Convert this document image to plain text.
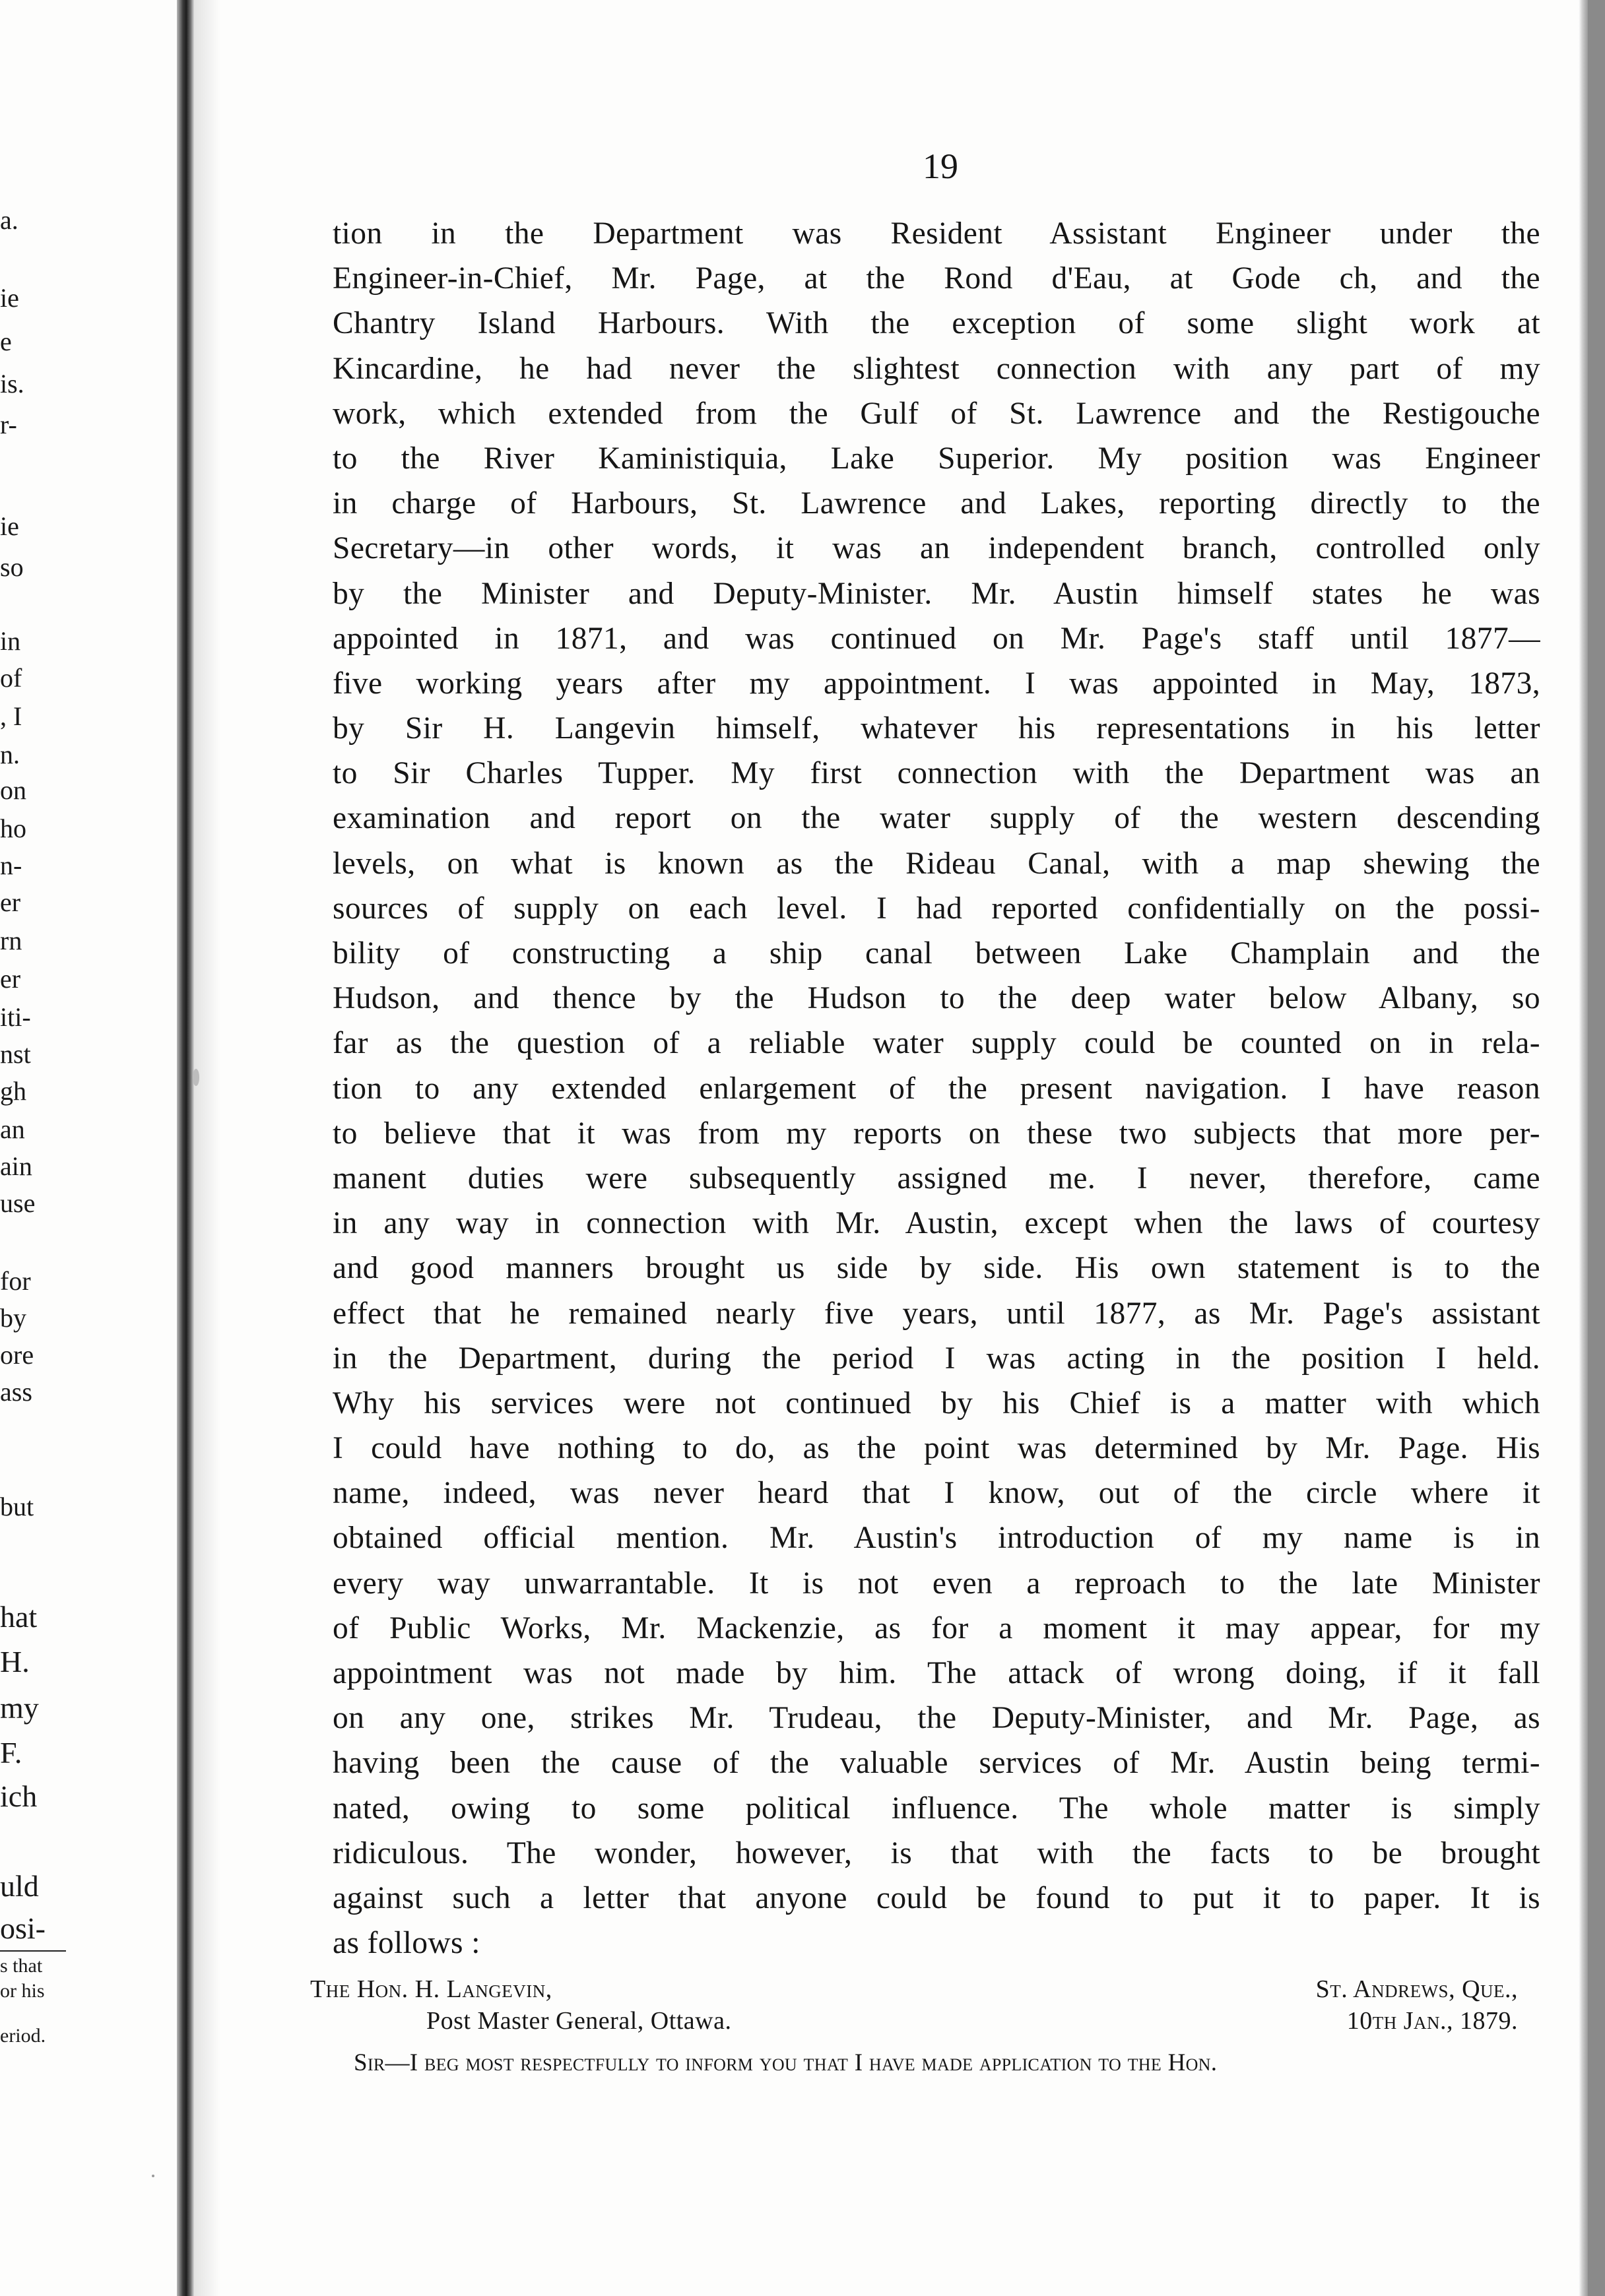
a.
ie
e
is.
r-
ie
so
in
of
, I
n.
on
ho
n-
er
rn
er
iti-
nst
gh
an
ain
use
for
by
ore
ass
but
hat
H.
my
F.
ich
uld
osi-
s that
or his
eriod.
19
tion in the Department was Resident Assistant Engineer under the
Engineer-in-Chief, Mr. Page, at the Rond d'Eau, at Gode ch, and the
Chantry Island Harbours. With the exception of some slight work at
Kincardine, he had never the slightest connection with any part of my
work, which extended from the Gulf of St. Lawrence and the Restigouche
to the River Kaministiquia, Lake Superior. My position was Engineer
in charge of Harbours, St. Lawrence and Lakes, reporting directly to the
Secretary—in other words, it was an independent branch, controlled only
by the Minister and Deputy-Minister. Mr. Austin himself states he was
appointed in 1871, and was continued on Mr. Page's staff until 1877—
five working years after my appointment. I was appointed in May, 1873,
by Sir H. Langevin himself, whatever his representations in his letter
to Sir Charles Tupper. My first connection with the Department was an
examination and report on the water supply of the western descending
levels, on what is known as the Rideau Canal, with a map shewing the
sources of supply on each level. I had reported confidentially on the possi-
bility of constructing a ship canal between Lake Champlain and the
Hudson, and thence by the Hudson to the deep water below Albany, so
far as the question of a reliable water supply could be counted on in rela-
tion to any extended enlargement of the present navigation. I have reason
to believe that it was from my reports on these two subjects that more per-
manent duties were subsequently assigned me. I never, therefore, came
in any way in connection with Mr. Austin, except when the laws of courtesy
and good manners brought us side by side. His own statement is to the
effect that he remained nearly five years, until 1877, as Mr. Page's assistant
in the Department, during the period I was acting in the position I held.
Why his services were not continued by his Chief is a matter with which
I could have nothing to do, as the point was determined by Mr. Page. His
name, indeed, was never heard that I know, out of the circle where it
obtained official mention. Mr. Austin's introduction of my name is in
every way unwarrantable. It is not even a reproach to the late Minister
of Public Works, Mr. Mackenzie, as for a moment it may appear, for my
appointment was not made by him. The attack of wrong doing, if it fall
on any one, strikes Mr. Trudeau, the Deputy-Minister, and Mr. Page, as
having been the cause of the valuable services of Mr. Austin being termi-
nated, owing to some political influence. The whole matter is simply
ridiculous. The wonder, however, is that with the facts to be brought
against such a letter that anyone could be found to put it to paper. It is
as follows :
The Hon. H. Langevin,	St. Andrews, Que.,
Post Master General, Ottawa.	10th Jan., 1879.
Sir—I beg most respectfully to inform you that I have made application to the Hon.
